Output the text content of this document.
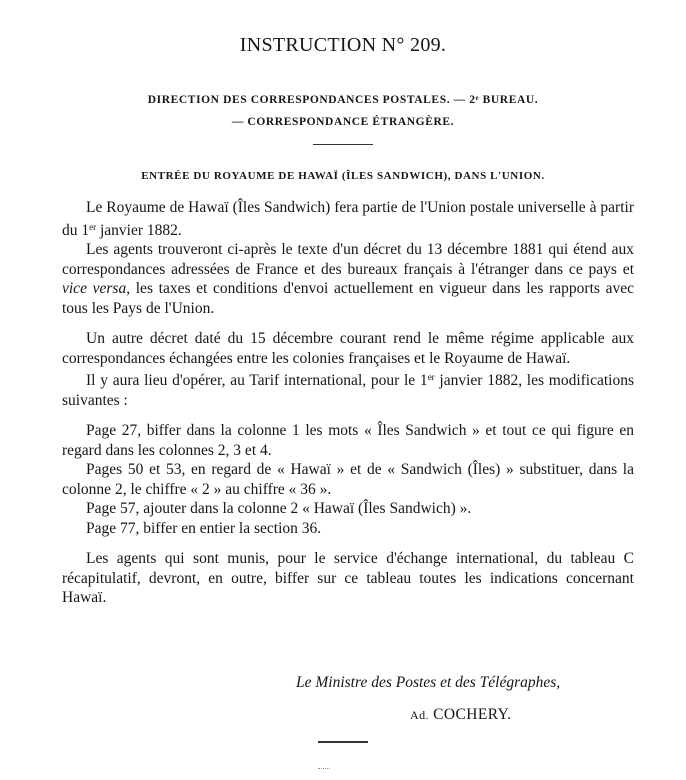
INSTRUCTION N° 209.
DIRECTION DES CORRESPONDANCES POSTALES. — 2ᵉ BUREAU.
— CORRESPONDANCE ÉTRANGÈRE.
ENTRÉE DU ROYAUME DE HAWAÏ (ÎLES SANDWICH), DANS L'UNION.

Le Royaume de Hawaï (Îles Sandwich) fera partie de l'Union postale universelle à partir du 1er janvier 1882.

Les agents trouveront ci-après le texte d'un décret du 13 décembre 1881 qui étend aux correspondances adressées de France et des bureaux français à l'étranger dans ce pays et vice versa, les taxes et conditions d'envoi actuellement en vigueur dans les rapports avec tous les Pays de l'Union.

Un autre décret daté du 15 décembre courant rend le même régime applicable aux correspondances échangées entre les colonies françaises et le Royaume de Hawaï.

Il y aura lieu d'opérer, au Tarif international, pour le 1er janvier 1882, les modifications suivantes :

Page 27, biffer dans la colonne 1 les mots « Îles Sandwich » et tout ce qui figure en regard dans les colonnes 2, 3 et 4.

Pages 50 et 53, en regard de « Hawaï » et de « Sandwich (Îles) » substituer, dans la colonne 2, le chiffre « 2 » au chiffre « 36 ».

Page 57, ajouter dans la colonne 2 « Hawaï (Îles Sandwich) ».

Page 77, biffer en entier la section 36.

Les agents qui sont munis, pour le service d'échange international, du tableau C récapitulatif, devront, en outre, biffer sur ce tableau toutes les indications concernant Hawaï.

Le Ministre des Postes et des Télégraphes,
Ad. COCHERY.
